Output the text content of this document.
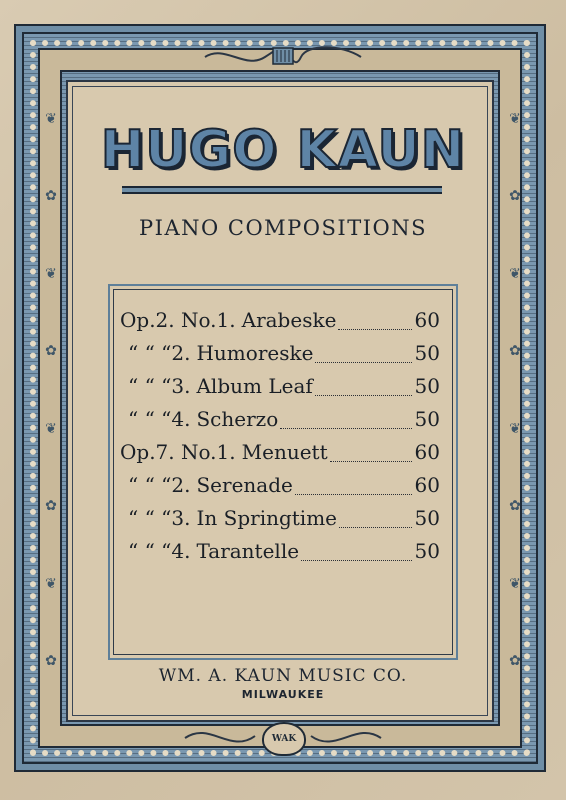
❦
✿
❦
✿
❦
✿
❦
✿
❦
✿
❦
✿
❦
✿
❦
✿
HUGO KAUN
PIANO COMPOSITIONS
Op.2. No.1. Arabeske	60
“ “ “2. Humoreske	50
“ “ “3. Album Leaf	50
“ “ “4. Scherzo	50
Op.7. No.1. Menuett	60
“ “ “2. Serenade	60
“ “ “3. In Springtime	50
“ “ “4. Tarantelle	50
WM. A. KAUN MUSIC CO.
MILWAUKEE
WAK
